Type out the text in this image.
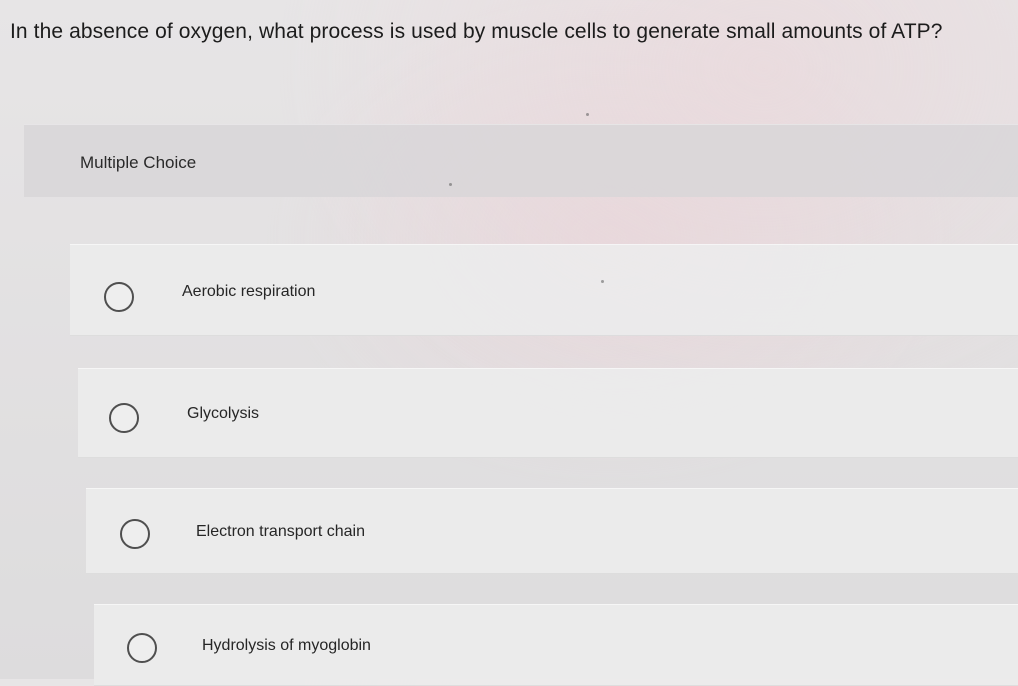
In the absence of oxygen, what process is used by muscle cells to generate small amounts of ATP?
Multiple Choice
Aerobic respiration
Glycolysis
Electron transport chain
Hydrolysis of myoglobin
